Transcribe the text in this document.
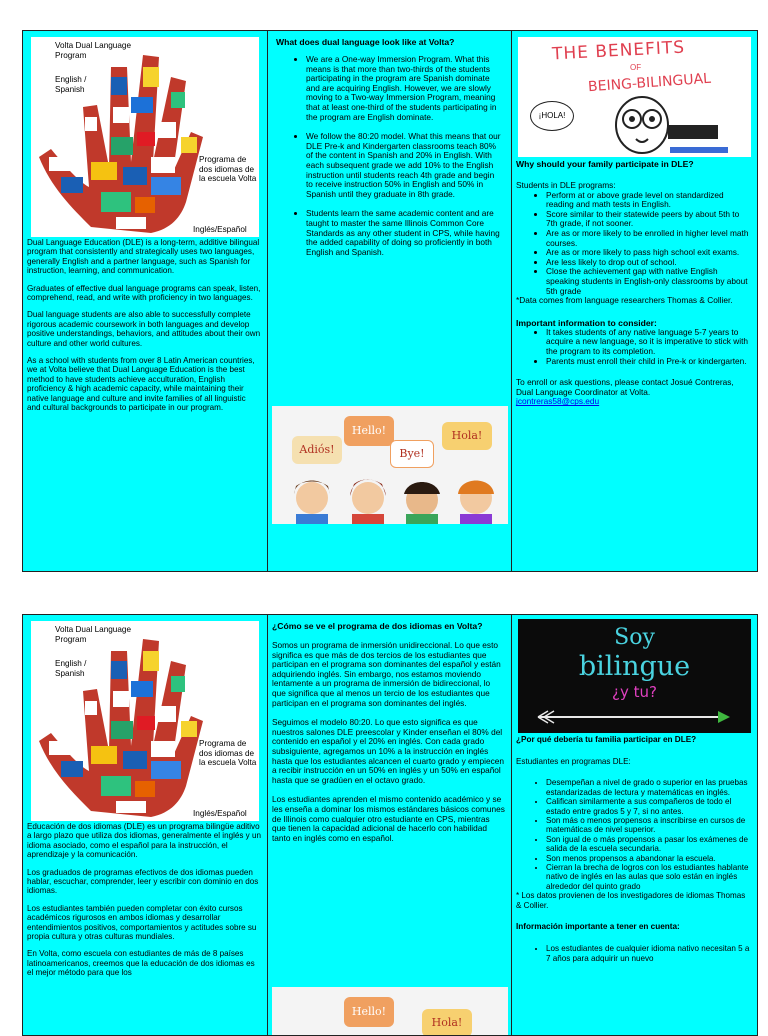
Volta Dual Language Program
English / Spanish
Programa de dos idiomas de la escuela Volta
Inglés/Español

Dual Language Education (DLE) is a long-term, additive bilingual program that consistently and strategically uses two languages, generally English and a partner language, such as Spanish for instruction, learning, and communication.

Graduates of effective dual language programs can speak, listen, comprehend, read, and write with proficiency in two languages.

Dual language students are also able to successfully complete rigorous academic coursework in both languages and develop positive understandings, behaviors, and attitudes about their own culture and other world cultures.

As a school with students from over 8 Latin American countries, we at Volta believe that Dual Language Education is the best method to have students achieve acculturation, English proficiency & high academic capacity, while maintaining their native language and culture and invite families of all linguistic and cultural backgrounds to participate in our program.

What does dual language look like at Volta?
• We are a One-way Immersion Program. What this means is that more than two-thirds of the students participating in the program are Spanish dominate and are acquiring English. However, we are slowly moving to a Two-way Immersion Program, meaning that at least one-third of the students participating in the program are English dominate.
• We follow the 80:20 model. What this means that our DLE Pre-k and Kindergarten classrooms teach 80% of the content in Spanish and 20% in English. With each subsequent grade we add 10% to the English instruction until students reach 4th grade and begin to receive instruction 50% in English and 50% in Spanish until they graduate in 8th grade.
• Students learn the same academic content and are taught to master the same Illinois Common Core Standards as any other student in CPS, while having the added capability of doing so proficiently in both English and Spanish.
Adiós!
Hello!
Bye!
Hola!
THE BENEFITS
OF
BEING-BILINGUAL
¡HOLA!
Why should your family participate in DLE?

Students in DLE programs:

• Perform at or above grade level on standardized reading and math tests in English.
• Score similar to their statewide peers by about 5th to 7th grade, if not sooner.
• Are as or more likely to be enrolled in higher level math courses.
• Are as or more likely to pass high school exit exams.
• Are less likely to drop out of school.
• Close the achievement gap with native English speaking students in English-only classrooms by about 5th grade

*Data comes from language researchers Thomas & Collier.

Important information to consider:
• It takes students of any native language 5-7 years to acquire a new language, so it is imperative to stick with the program to its completion.
• Parents must enroll their child in Pre-k or kindergarten.

To enroll or ask questions, please contact Josué Contreras, Dual Language Coordinator at Volta.

jcontreras58@cps.edu
Volta Dual Language Program
English / Spanish
Programa de dos idiomas de la escuela Volta
Inglés/Español

Educación de dos idiomas (DLE) es un programa bilingüe aditivo a largo plazo que utiliza dos idiomas, generalmente el inglés y un idioma asociado, como el español para la instrucción, el aprendizaje y la comunicación.

Los graduados de programas efectivos de dos idiomas pueden hablar, escuchar, comprender, leer y escribir con dominio en dos idiomas.

Los estudiantes también pueden completar con éxito cursos académicos rigurosos en ambos idiomas y desarrollar entendimientos positivos, comportamientos y actitudes sobre su propia cultura y otras culturas mundiales.

En Volta, como escuela con estudiantes de más de 8 países latinoamericanos, creemos que la educación de dos idiomas es el mejor método para que los

¿Cómo se ve el programa de dos idiomas en Volta?

Somos un programa de inmersión unidireccional. Lo que esto significa es que más de dos tercios de los estudiantes que participan en el programa son dominantes del español y están adquiriendo inglés. Sin embargo, nos estamos moviendo lentamente a un programa de inmersión de bidireccional, lo que significa que al menos un tercio de los estudiantes que participan en el programa son dominantes del inglés.

Seguimos el modelo 80:20. Lo que esto significa es que nuestros salones DLE preescolar y Kinder enseñan el 80% del contenido en español y el 20% en inglés. Con cada grado subsiguiente, agregamos un 10% a la instrucción en inglés hasta que los estudiantes alcancen el cuarto grado y empiecen a recibir instrucción en un 50% en inglés y un 50% en español hasta que se gradúen en el octavo grado.

Los estudiantes aprenden el mismo contenido académico y se les enseña a dominar los mismos estándares básicos comunes de Illinois como cualquier otro estudiante en CPS, mientras que tienen la capacidad adicional de hacerlo con habilidad tanto en inglés como en español.

Hello!
Hola!
Soy
bilingue
¿y tu?
¿Por qué debería tu familia participar en DLE?

Estudiantes en programas DLE:

• Desempeñan a nivel de grado o superior en las pruebas estandarizadas de lectura y matemáticas en inglés.
• Califican similarmente a sus compañeros de todo el estado entre grados 5 y 7, si no antes.
• Son más o menos propensos a inscribirse en cursos de matemáticas de nivel superior.
• Son igual de o más propensos a pasar los exámenes de salida de la escuela secundaria.
• Son menos propensos a abandonar la escuela.
• Cierran la brecha de logros con los estudiantes hablante nativo de inglés en las aulas que solo están en inglés alrededor del quinto grado

* Los datos provienen de los investigadores de idiomas Thomas & Collier.

Información importante a tener en cuenta:
• Los estudiantes de cualquier idioma nativo necesitan 5 a 7 años para adquirir un nuevo
